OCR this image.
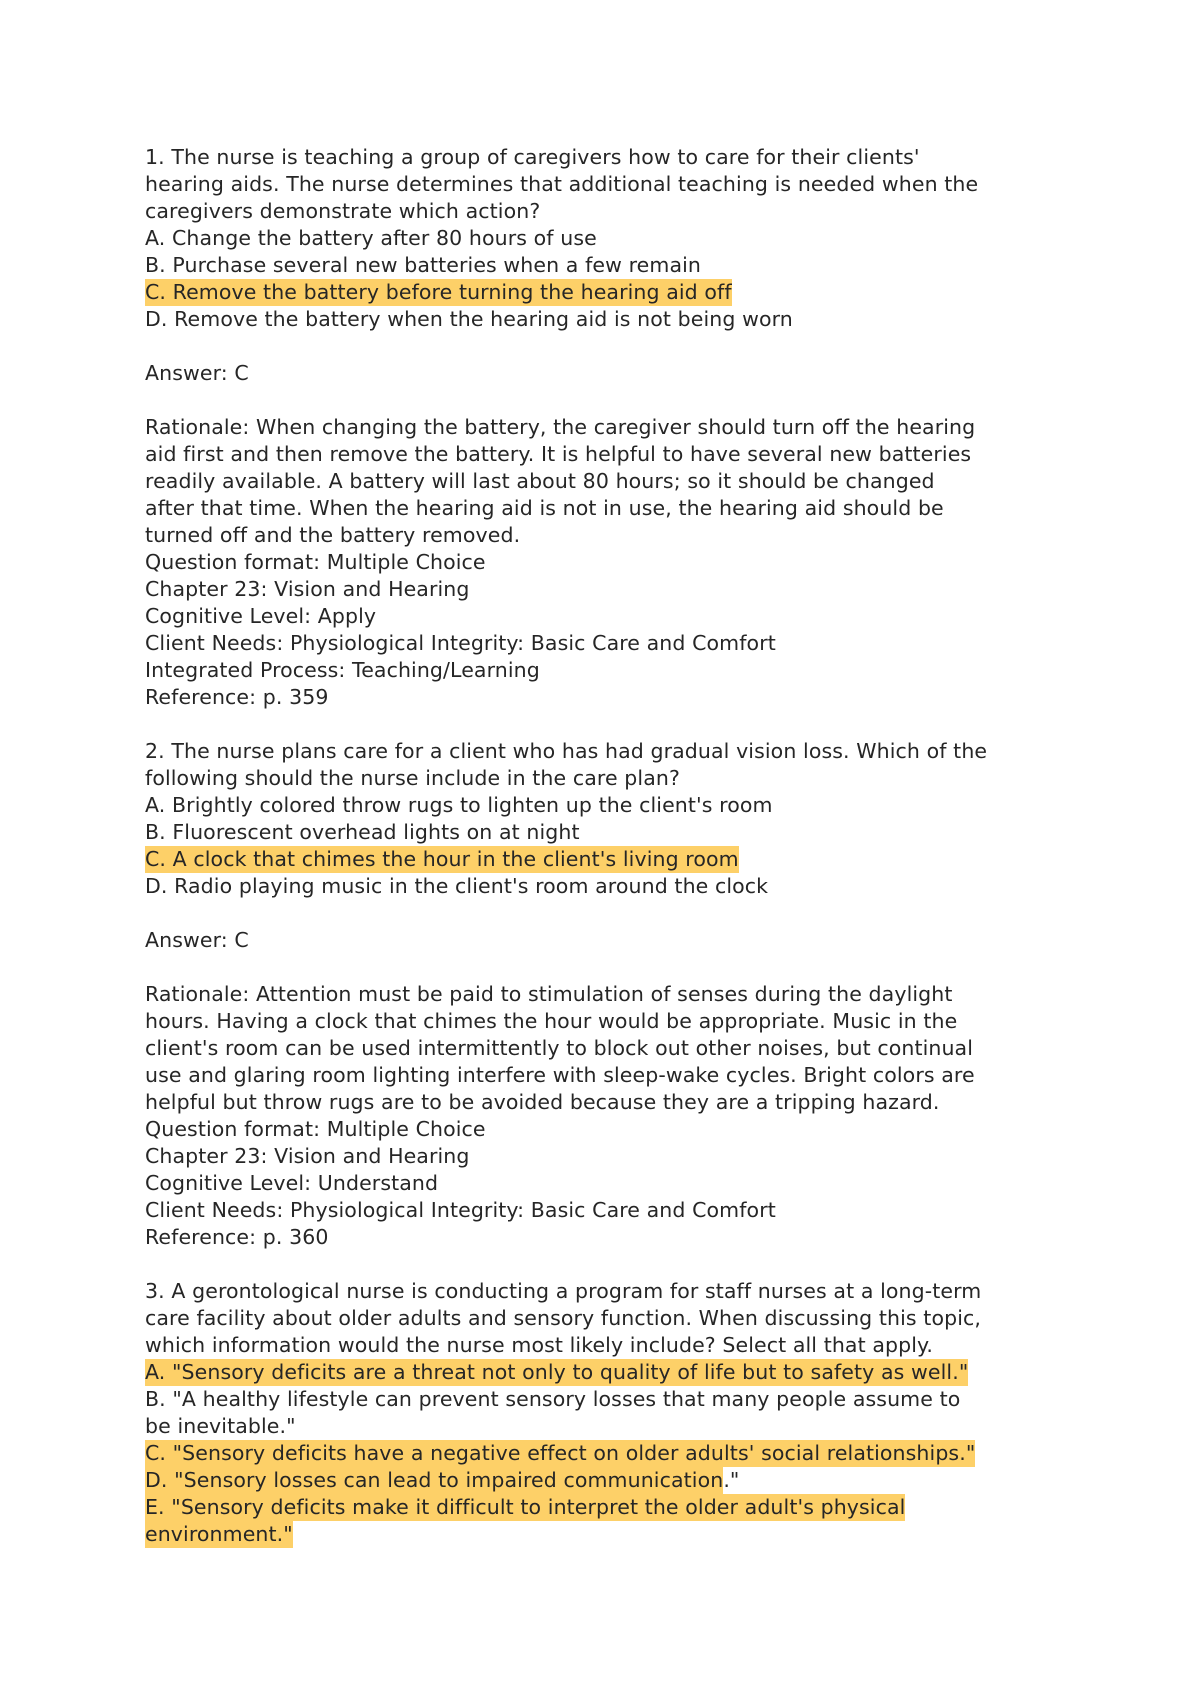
1. The nurse is teaching a group of caregivers how to care for their clients'
hearing aids. The nurse determines that additional teaching is needed when the
caregivers demonstrate which action?
A. Change the battery after 80 hours of use
B. Purchase several new batteries when a few remain
C. Remove the battery before turning the hearing aid off
D. Remove the battery when the hearing aid is not being worn
Answer: C
Rationale: When changing the battery, the caregiver should turn off the hearing
aid first and then remove the battery. It is helpful to have several new batteries
readily available. A battery will last about 80 hours; so it should be changed
after that time. When the hearing aid is not in use, the hearing aid should be
turned off and the battery removed.
Question format: Multiple Choice
Chapter 23: Vision and Hearing
Cognitive Level: Apply
Client Needs: Physiological Integrity: Basic Care and Comfort
Integrated Process: Teaching/Learning
Reference: p. 359
2. The nurse plans care for a client who has had gradual vision loss. Which of the
following should the nurse include in the care plan?
A. Brightly colored throw rugs to lighten up the client's room
B. Fluorescent overhead lights on at night
C. A clock that chimes the hour in the client's living room
D. Radio playing music in the client's room around the clock
Answer: C
Rationale: Attention must be paid to stimulation of senses during the daylight
hours. Having a clock that chimes the hour would be appropriate. Music in the
client's room can be used intermittently to block out other noises, but continual
use and glaring room lighting interfere with sleep-wake cycles. Bright colors are
helpful but throw rugs are to be avoided because they are a tripping hazard.
Question format: Multiple Choice
Chapter 23: Vision and Hearing
Cognitive Level: Understand
Client Needs: Physiological Integrity: Basic Care and Comfort
Reference: p. 360
3. A gerontological nurse is conducting a program for staff nurses at a long-term
care facility about older adults and sensory function. When discussing this topic,
which information would the nurse most likely include? Select all that apply.
A. "Sensory deficits are a threat not only to quality of life but to safety as well."
B. "A healthy lifestyle can prevent sensory losses that many people assume to
be inevitable."
C. "Sensory deficits have a negative effect on older adults' social relationships."
D. "Sensory losses can lead to impaired communication."
E. "Sensory deficits make it difficult to interpret the older adult's physical
environment."
